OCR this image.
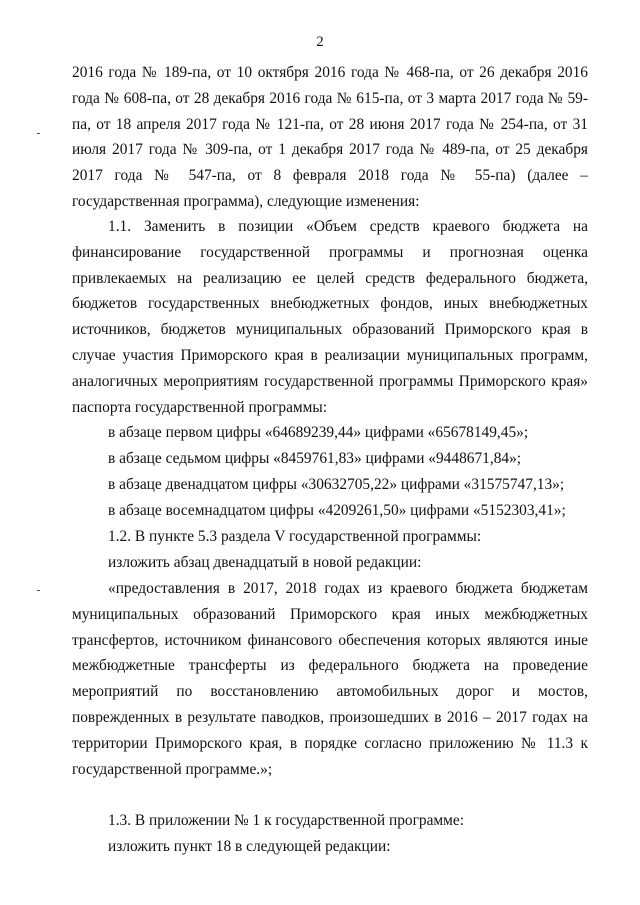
2

2016 года № 189-па, от 10 октября 2016 года № 468-па, от 26 декабря 2016 года № 608-па, от 28 декабря 2016 года № 615-па, от 3 марта 2017 года № 59-па, от 18 апреля 2017 года № 121-па, от 28 июня 2017 года № 254-па, от 31 июля 2017 года № 309-па, от 1 декабря 2017 года № 489-па, от 25 декабря 2017 года № 547-па, от 8 февраля 2018 года № 55-па) (далее – государственная программа), следующие изменения:

1.1. Заменить в позиции «Объем средств краевого бюджета на финансирование государственной программы и прогнозная оценка привлекаемых на реализацию ее целей средств федерального бюджета, бюджетов государственных внебюджетных фондов, иных внебюджетных источников, бюджетов муниципальных образований Приморского края в случае участия Приморского края в реализации муниципальных программ, аналогичных мероприятиям государственной программы Приморского края» паспорта государственной программы:

в абзаце первом цифры «64689239,44» цифрами «65678149,45»;
в абзаце седьмом цифры «8459761,83» цифрами «9448671,84»;
в абзаце двенадцатом цифры «30632705,22» цифрами «31575747,13»;
в абзаце восемнадцатом цифры «4209261,50» цифрами «5152303,41»;
1.2. В пункте 5.3 раздела V государственной программы:
изложить абзац двенадцатый в новой редакции:

«предоставления в 2017, 2018 годах из краевого бюджета бюджетам муниципальных образований Приморского края иных межбюджетных трансфертов, источником финансового обеспечения которых являются иные межбюджетные трансферты из федерального бюджета на проведение мероприятий по восстановлению автомобильных дорог и мостов, поврежденных в результате паводков, произошедших в 2016 – 2017 годах на территории Приморского края, в порядке согласно приложению № 11.3 к государственной программе.»;

1.3. В приложении № 1 к государственной программе:
изложить пункт 18 в следующей редакции:
